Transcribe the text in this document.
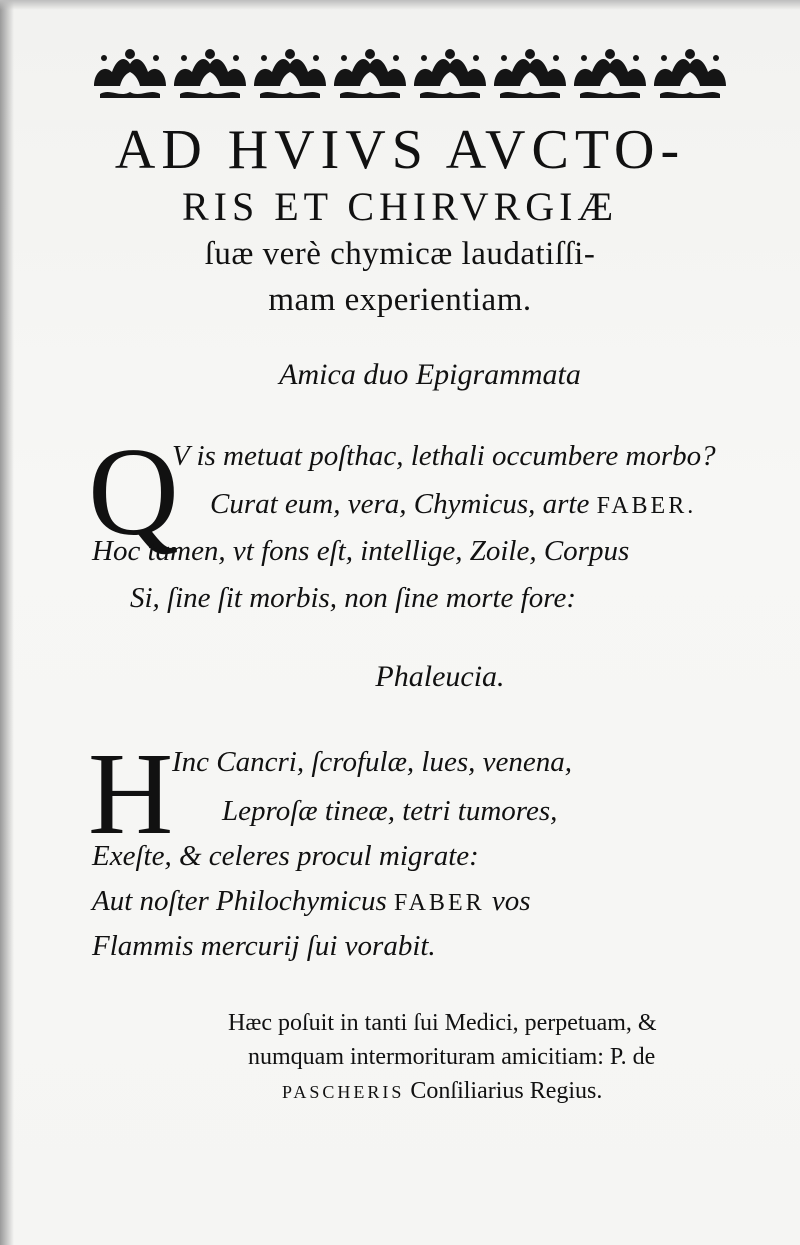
AD HVIVS AVCTO-
RIS ET CHIRVRGIÆ
ſuæ verè chymicæ laudatiſſi-
mam experientiam.
Amica duo Epigrammata
Q
V is metuat poſthac, lethali occumbere morbo?
Curat eum, vera, Chymicus, arte FABER.
Hoc tamen, vt fons eſt, intellige, Zoile, Corpus
Si, ſine ſit morbis, non ſine morte fore:
Phaleucia.
H
Inc Cancri, ſcrofulæ, lues, venena,
Leproſæ tineæ, tetri tumores,
Exeſte, & celeres procul migrate:
Aut noſter Philochymicus FABER vos
Flammis mercurij ſui vorabit.
Hæc poſuit in tanti ſui Medici, perpetuam, &
numquam intermorituram amicitiam: P. de
PASCHERIS Conſiliarius Regius.
